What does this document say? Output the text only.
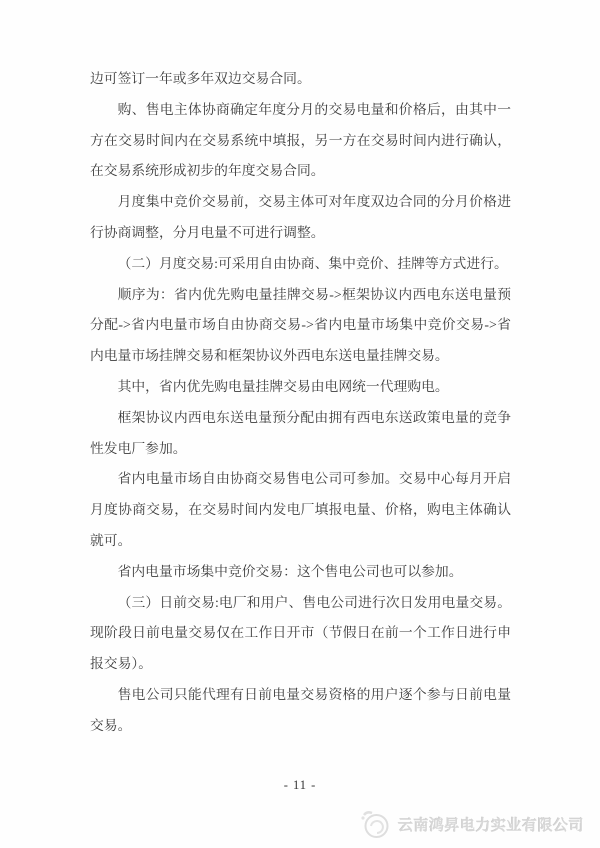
边可签订一年或多年双边交易合同。

购、售电主体协商确定年度分月的交易电量和价格后，由其中一方在交易时间内在交易系统中填报，另一方在交易时间内进行确认，在交易系统形成初步的年度交易合同。

月度集中竞价交易前，交易主体可对年度双边合同的分月价格进行协商调整，分月电量不可进行调整。

（二）月度交易:可采用自由协商、集中竞价、挂牌等方式进行。

顺序为：省内优先购电量挂牌交易->框架协议内西电东送电量预分配->省内电量市场自由协商交易->省内电量市场集中竞价交易->省内电量市场挂牌交易和框架协议外西电东送电量挂牌交易。

其中，省内优先购电量挂牌交易由电网统一代理购电。

框架协议内西电东送电量预分配由拥有西电东送政策电量的竞争性发电厂参加。

省内电量市场自由协商交易售电公司可参加。交易中心每月开启月度协商交易，在交易时间内发电厂填报电量、价格，购电主体确认就可。

省内电量市场集中竞价交易：这个售电公司也可以参加。

（三）日前交易:电厂和用户、售电公司进行次日发用电量交易。现阶段日前电量交易仅在工作日开市（节假日在前一个工作日进行申报交易）。

售电公司只能代理有日前电量交易资格的用户逐个参与日前电量交易。

- 11 -
云南鸿昇电力实业有限公司
